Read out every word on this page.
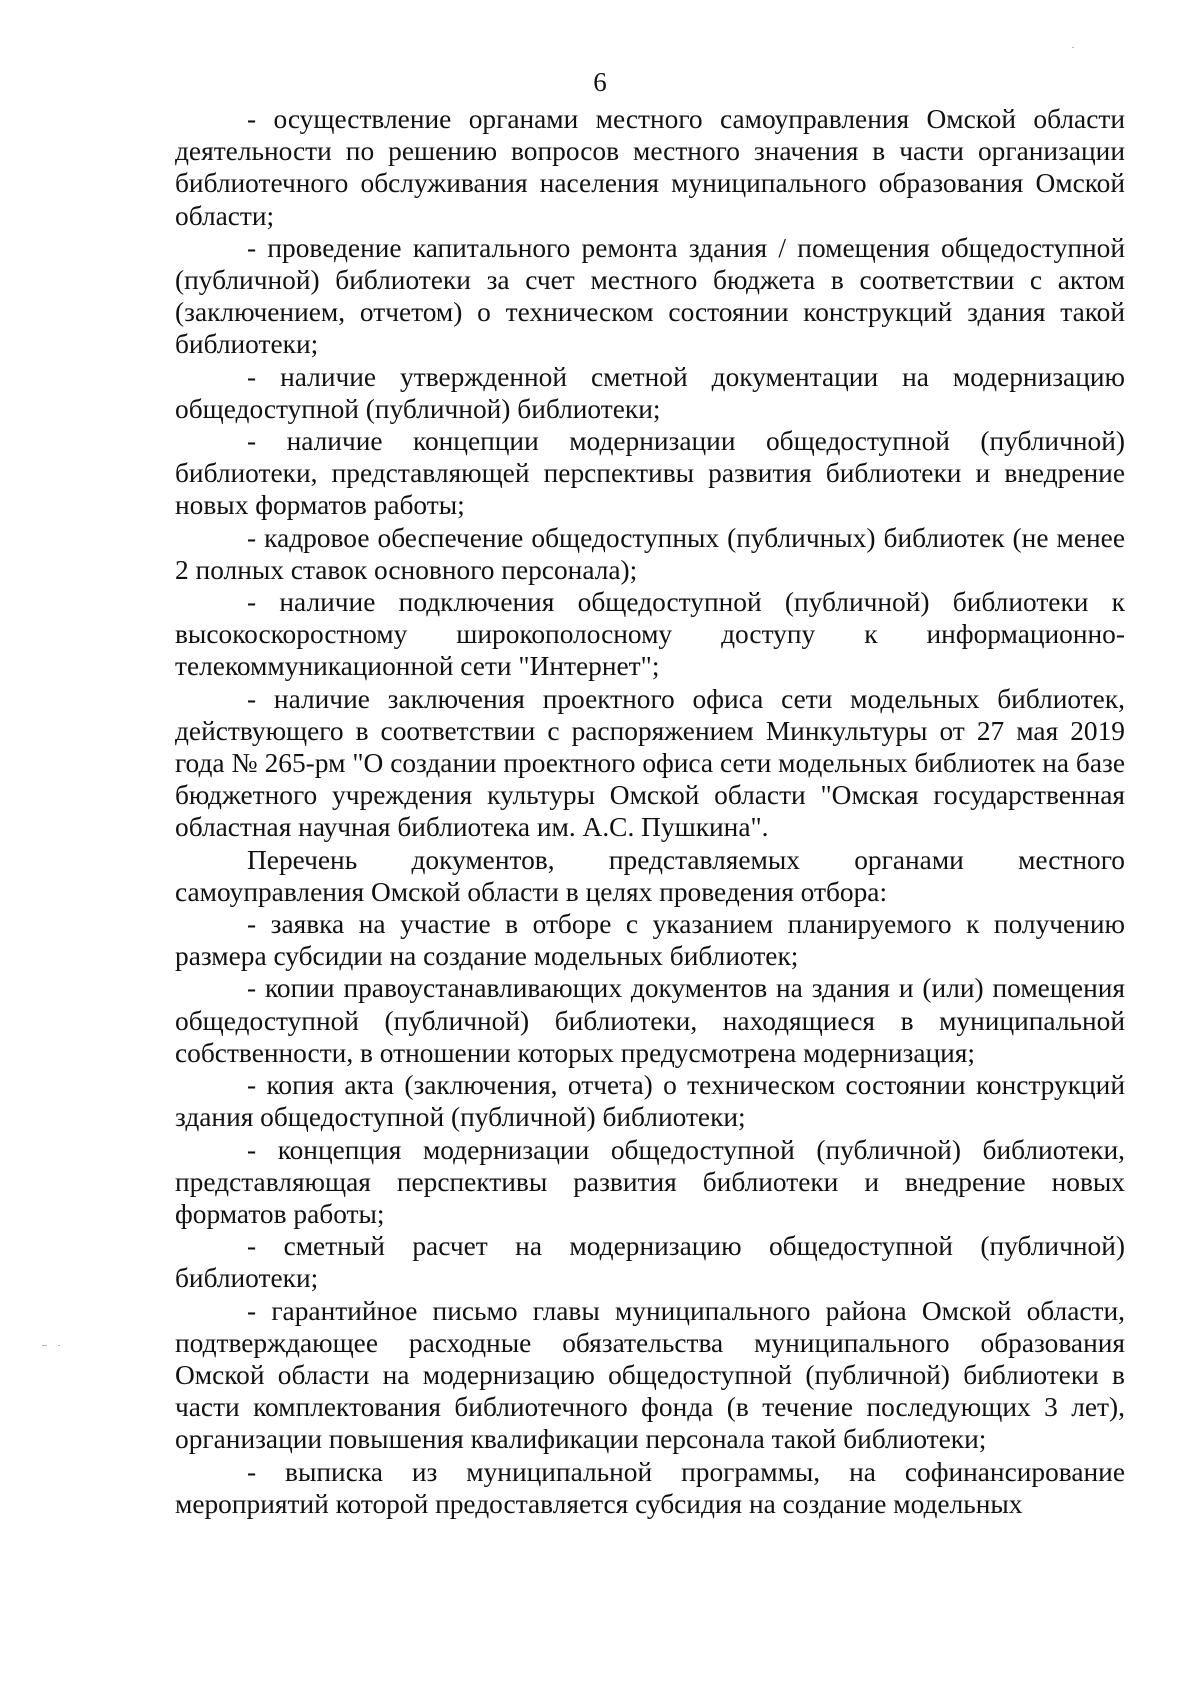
6

- осуществление органами местного самоуправления Омской области деятельности по решению вопросов местного значения в части организации библиотечного обслуживания населения муниципального образования Омской области;

- проведение капитального ремонта здания / помещения общедоступной (публичной) библиотеки за счет местного бюджета в соответствии с актом (заключением, отчетом) о техническом состоянии конструкций здания такой библиотеки;

- наличие утвержденной сметной документации на модернизацию общедоступной (публичной) библиотеки;

- наличие концепции модернизации общедоступной (публичной) библиотеки, представляющей перспективы развития библиотеки и внедрение новых форматов работы;

- кадровое обеспечение общедоступных (публичных) библиотек (не менее 2 полных ставок основного персонала);

- наличие подключения общедоступной (публичной) библиотеки к высокоскоростному широкополосному доступу к информационно-телекоммуникационной сети "Интернет";

- наличие заключения проектного офиса сети модельных библиотек, действующего в соответствии с распоряжением Минкультуры от 27 мая 2019 года № 265-рм "О создании проектного офиса сети модельных библиотек на базе бюджетного учреждения культуры Омской области "Омская государственная областная научная библиотека им. А.С. Пушкина".

Перечень документов, представляемых органами местного самоуправления Омской области в целях проведения отбора:

- заявка на участие в отборе с указанием планируемого к получению размера субсидии на создание модельных библиотек;

- копии правоустанавливающих документов на здания и (или) помещения общедоступной (публичной) библиотеки, находящиеся в муниципальной собственности, в отношении которых предусмотрена модернизация;

- копия акта (заключения, отчета) о техническом состоянии конструкций здания общедоступной (публичной) библиотеки;

- концепция модернизации общедоступной (публичной) библиотеки, представляющая перспективы развития библиотеки и внедрение новых форматов работы;

- сметный расчет на модернизацию общедоступной (публичной) библиотеки;

- гарантийное письмо главы муниципального района Омской области, подтверждающее расходные обязательства муниципального образования Омской области на модернизацию общедоступной (публичной) библиотеки в части комплектования библиотечного фонда (в течение последующих 3 лет), организации повышения квалификации персонала такой библиотеки;

- выписка из муниципальной программы, на софинансирование мероприятий которой предоставляется субсидия на создание модельных
